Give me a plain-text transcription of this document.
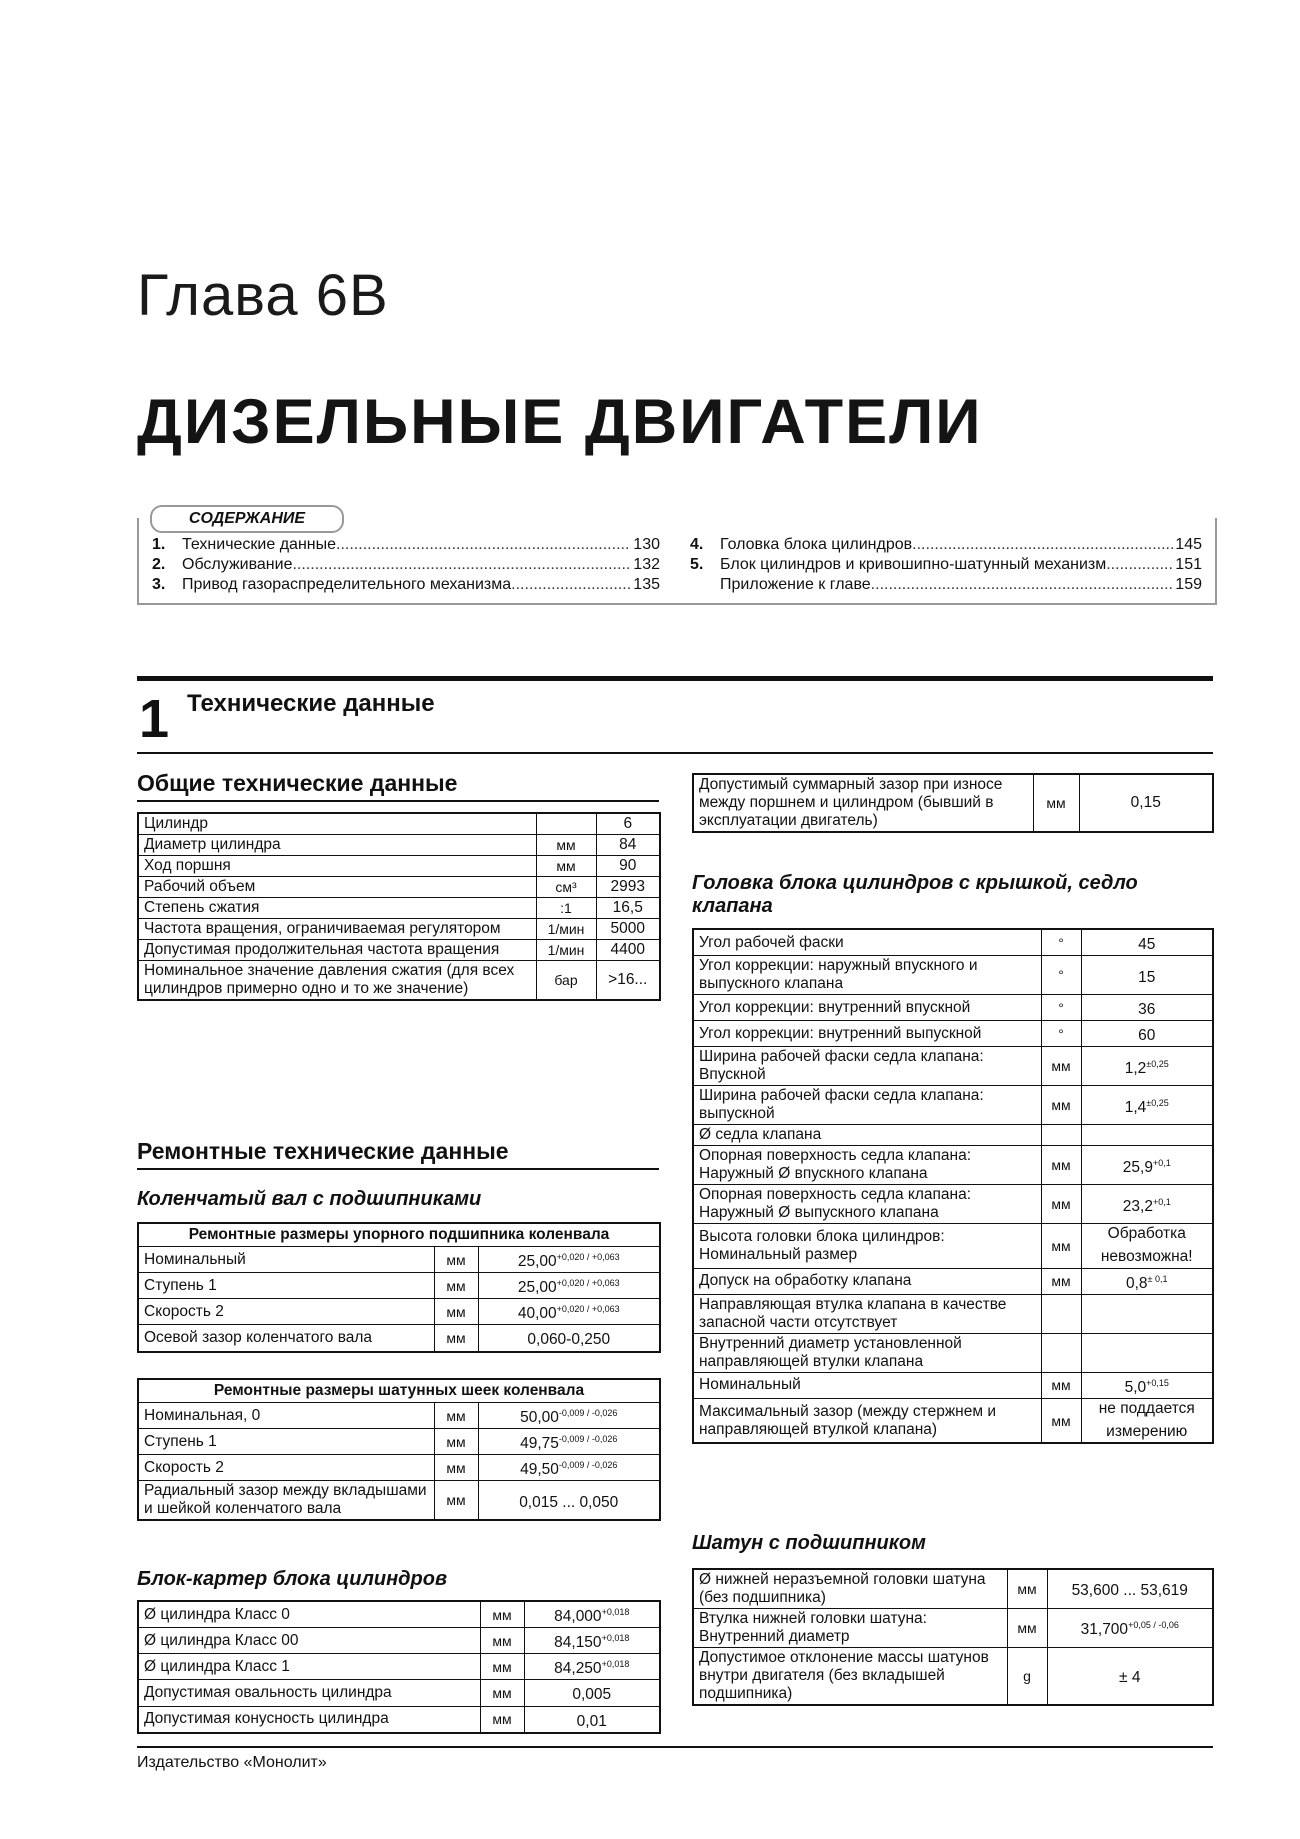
Глава 6В
ДИЗЕЛЬНЫЕ ДВИГАТЕЛИ
СОДЕРЖАНИЕ
1.	Технические данные .....	130
2.	Обслуживание .....	132
3.	Привод газораспределительного механизма .....	135
4.	Головка блока цилиндров .....	145
5.	Блок цилиндров и кривошипно-шатунный механизм .....	151
Приложение к главе .....	159
1 Технические данные
Общие технические данные
Цилиндр		6
Диаметр цилиндра	мм	84
Ход поршня	мм	90
Рабочий объем	см³	2993
Степень сжатия	:1	16,5
Частота вращения, ограничиваемая регулятором	1/мин	5000
Допустимая продолжительная частота вращения	1/мин	4400
Номинальное значение давления сжатия (для всех цилиндров примерно одно и то же значение)	бар	>16...
Ремонтные технические данные
Коленчатый вал с подшипниками
Ремонтные размеры упорного подшипника коленвала		
Номинальный	мм	$25,00^{+0,020 / +0,063}$
Ступень 1	мм	$25,00^{+0,020 / +0,063}$
Скорость 2	мм	$40,00^{+0,020 / +0,063}$
Осевой зазор коленчатого вала	мм	0,060-0,250
Ремонтные размеры шатунных шеек коленвала		
Номинальная, 0	мм	$50,00^{-0,009 / -0,026}$
Ступень 1	мм	$49,75^{-0,009 / -0,026}$
Скорость 2	мм	$49,50^{-0,009 / -0,026}$
Радиальный зазор между вкладышами и шейкой коленчатого вала	мм	0,015 ... 0,050
Блок-картер блока цилиндров
Ø цилиндра Класс 0	мм	$84,000^{+0,018}$
Ø цилиндра Класс 00	мм	$84,150^{+0,018}$
Ø цилиндра Класс 1	мм	$84,250^{+0,018}$
Допустимая овальность цилиндра	мм	0,005
Допустимая конусность цилиндра	мм	0,01
Допустимый суммарный зазор при износе между поршнем и цилиндром (бывший в эксплуатации двигатель)	мм	0,15
Головка блока цилиндров с крышкой, седло клапана
Угол рабочей фаски	°	45
Угол коррекции: наружный впускного и выпускного клапана	°	15
Угол коррекции: внутренний впускной	°	36
Угол коррекции: внутренний выпускной	°	60
Ширина рабочей фаски седла клапана: Впускной	мм	$1,2^{\pm 0,25}$
Ширина рабочей фаски седла клапана: выпускной	мм	$1,4^{\pm 0,25}$
Ø седла клапана		
Опорная поверхность седла клапана: Наружный Ø впускного клапана	мм	$25,9^{+0,1}$
Опорная поверхность седла клапана: Наружный Ø выпускного клапана	мм	$23,2^{+0,1}$
Высота головки блока цилиндров: Номинальный размер	мм	Обработка невозможна!
Допуск на обработку клапана	мм	$0,8^{\pm 0,1}$
Направляющая втулка клапана в качестве запасной части отсутствует		
Внутренний диаметр установленной направляющей втулки клапана		
Номинальный	мм	$5,0^{+0,15}$
Максимальный зазор (между стержнем и направляющей втулкой клапана)	мм	не поддается измерению
Шатун с подшипником
Ø нижней неразъемной головки шатуна (без подшипника)	мм	53,600 ... 53,619
Втулка нижней головки шатуна: Внутренний диаметр	мм	$31,700^{+0,05 / -0,06}$
Допустимое отклонение массы шатунов внутри двигателя (без вкладышей подшипника)	g	± 4
Издательство «Монолит»
